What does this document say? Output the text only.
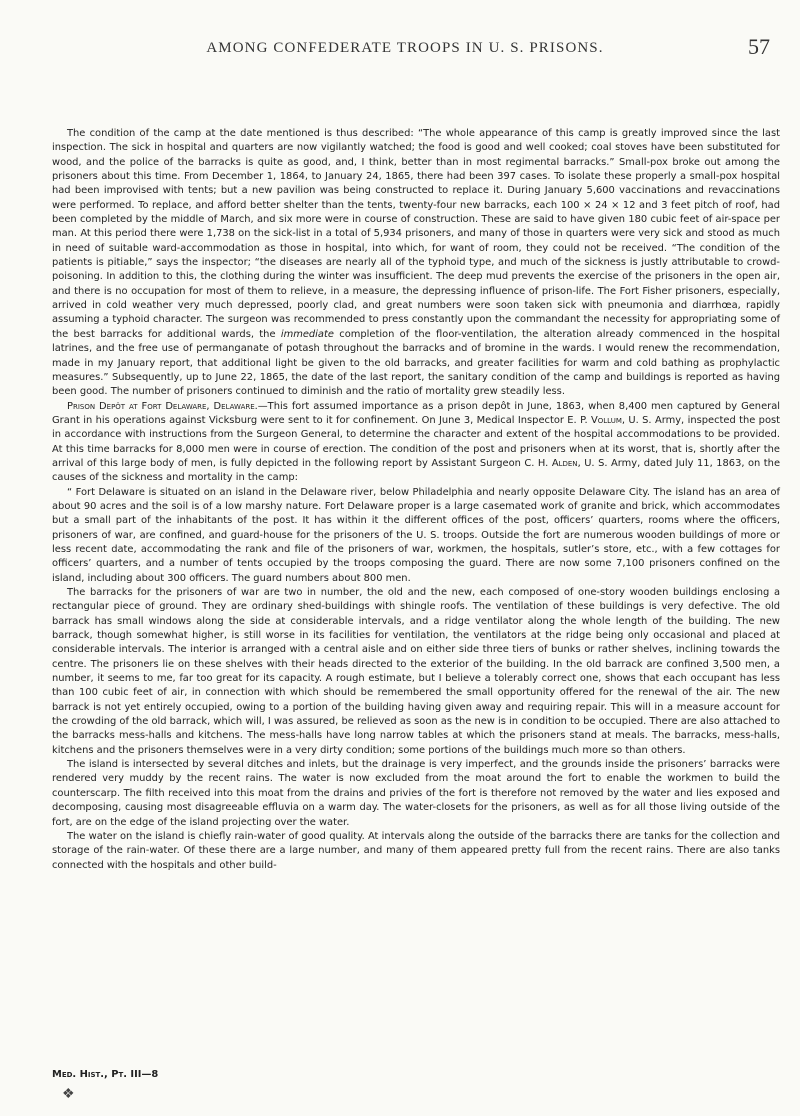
AMONG CONFEDERATE TROOPS IN U. S. PRISONS.	57

The condition of the camp at the date mentioned is thus described: “The whole appearance of this camp is greatly improved since the last inspection. The sick in hospital and quarters are now vigilantly watched; the food is good and well cooked; coal stoves have been substituted for wood, and the police of the barracks is quite as good, and, I think, better than in most regimental barracks.” Small-pox broke out among the prisoners about this time. From December 1, 1864, to January 24, 1865, there had been 397 cases. To isolate these properly a small-pox hospital had been improvised with tents; but a new pavilion was being constructed to replace it. During January 5,600 vaccinations and revaccinations were performed. To replace, and afford better shelter than the tents, twenty-four new barracks, each 100 × 24 × 12 and 3 feet pitch of roof, had been completed by the middle of March, and six more were in course of construction. These are said to have given 180 cubic feet of air-space per man. At this period there were 1,738 on the sick-list in a total of 5,934 prisoners, and many of those in quarters were very sick and stood as much in need of suitable ward-accommodation as those in hospital, into which, for want of room, they could not be received. “The condition of the patients is pitiable,” says the inspector; “the diseases are nearly all of the typhoid type, and much of the sickness is justly attributable to crowd-poisoning. In addition to this, the clothing during the winter was insufficient. The deep mud prevents the exercise of the prisoners in the open air, and there is no occupation for most of them to relieve, in a measure, the depressing influence of prison-life. The Fort Fisher prisoners, especially, arrived in cold weather very much depressed, poorly clad, and great numbers were soon taken sick with pneumonia and diarrhœa, rapidly assuming a typhoid character. The surgeon was recommended to press constantly upon the commandant the necessity for appropriating some of the best barracks for additional wards, the immediate completion of the floor-ventilation, the alteration already commenced in the hospital latrines, and the free use of permanganate of potash throughout the barracks and of bromine in the wards. I would renew the recommendation, made in my January report, that additional light be given to the old barracks, and greater facilities for warm and cold bathing as prophylactic measures.” Subsequently, up to June 22, 1865, the date of the last report, the sanitary condition of the camp and buildings is reported as having been good. The number of prisoners continued to diminish and the ratio of mortality grew steadily less.

Prison Depôt at Fort Delaware, Delaware.—This fort assumed importance as a prison depôt in June, 1863, when 8,400 men captured by General Grant in his operations against Vicksburg were sent to it for confinement. On June 3, Medical Inspector E. P. Vollum, U. S. Army, inspected the post in accordance with instructions from the Surgeon General, to determine the character and extent of the hospital accommodations to be provided. At this time barracks for 8,000 men were in course of erection. The condition of the post and prisoners when at its worst, that is, shortly after the arrival of this large body of men, is fully depicted in the following report by Assistant Surgeon C. H. Alden, U. S. Army, dated July 11, 1863, on the causes of the sickness and mortality in the camp:

“ Fort Delaware is situated on an island in the Delaware river, below Philadelphia and nearly opposite Delaware City. The island has an area of about 90 acres and the soil is of a low marshy nature. Fort Delaware proper is a large casemated work of granite and brick, which accommodates but a small part of the inhabitants of the post. It has within it the different offices of the post, officers’ quarters, rooms where the officers, prisoners of war, are confined, and guard-house for the prisoners of the U. S. troops. Outside the fort are numerous wooden buildings of more or less recent date, accommodating the rank and file of the prisoners of war, workmen, the hospitals, sutler’s store, etc., with a few cottages for officers’ quarters, and a number of tents occupied by the troops composing the guard. There are now some 7,100 prisoners confined on the island, including about 300 officers. The guard numbers about 800 men.

The barracks for the prisoners of war are two in number, the old and the new, each composed of one-story wooden buildings enclosing a rectangular piece of ground. They are ordinary shed-buildings with shingle roofs. The ventilation of these buildings is very defective. The old barrack has small windows along the side at considerable intervals, and a ridge ventilator along the whole length of the building. The new barrack, though somewhat higher, is still worse in its facilities for ventilation, the ventilators at the ridge being only occasional and placed at considerable intervals. The interior is arranged with a central aisle and on either side three tiers of bunks or rather shelves, inclining towards the centre. The prisoners lie on these shelves with their heads directed to the exterior of the building. In the old barrack are confined 3,500 men, a number, it seems to me, far too great for its capacity. A rough estimate, but I believe a tolerably correct one, shows that each occupant has less than 100 cubic feet of air, in connection with which should be remembered the small opportunity offered for the renewal of the air. The new barrack is not yet entirely occupied, owing to a portion of the building having given away and requiring repair. This will in a measure account for the crowding of the old barrack, which will, I was assured, be relieved as soon as the new is in condition to be occupied. There are also attached to the barracks mess-halls and kitchens. The mess-halls have long narrow tables at which the prisoners stand at meals. The barracks, mess-halls, kitchens and the prisoners themselves were in a very dirty condition; some portions of the buildings much more so than others.

The island is intersected by several ditches and inlets, but the drainage is very imperfect, and the grounds inside the prisoners’ barracks were rendered very muddy by the recent rains. The water is now excluded from the moat around the fort to enable the workmen to build the counterscarp. The filth received into this moat from the drains and privies of the fort is therefore not removed by the water and lies exposed and decomposing, causing most disagreeable effluvia on a warm day. The water-closets for the prisoners, as well as for all those living outside of the fort, are on the edge of the island projecting over the water.

The water on the island is chiefly rain-water of good quality. At intervals along the outside of the barracks there are tanks for the collection and storage of the rain-water. Of these there are a large number, and many of them appeared pretty full from the recent rains. There are also tanks connected with the hospitals and other build-

Med. Hist., Pt. III—8
❖
